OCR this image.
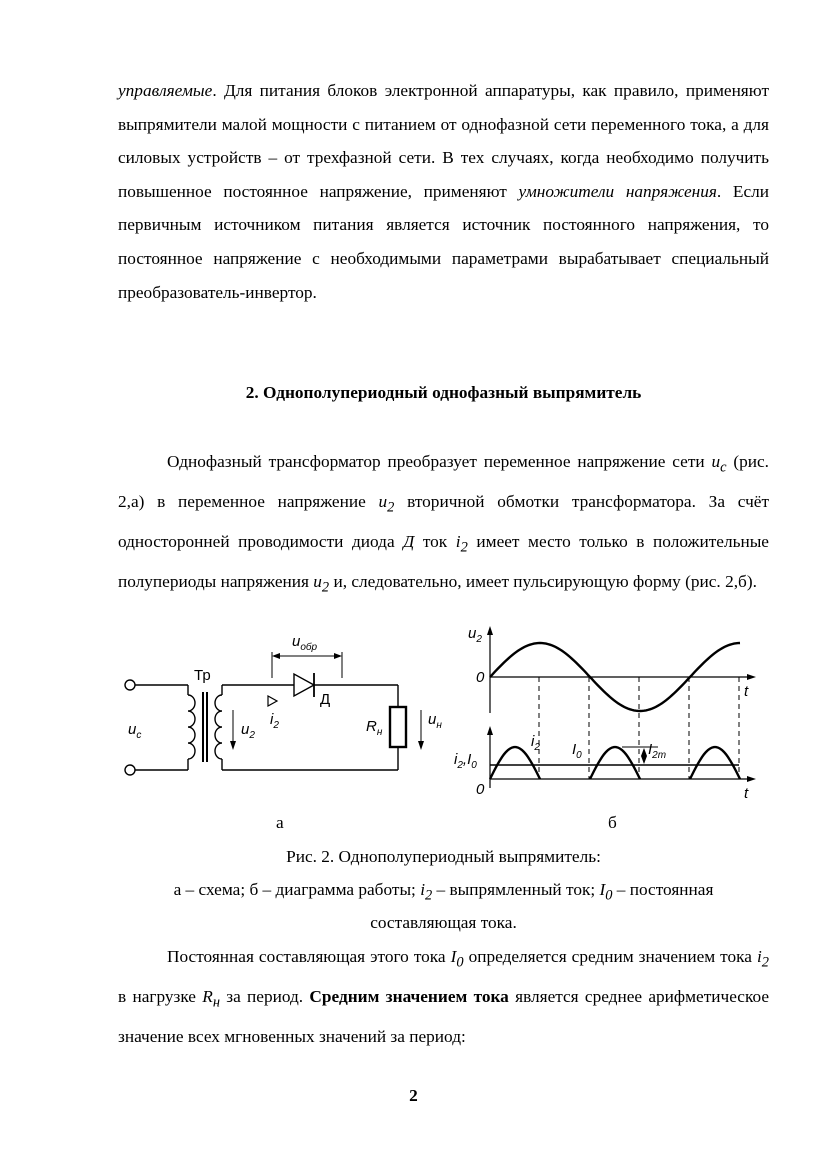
управляемые. Для питания блоков электронной аппаратуры, как правило, применяют выпрямители малой мощности с питанием от однофазной сети переменного тока, а для силовых устройств – от трехфазной сети. В тех случаях, когда необходимо получить повышенное постоянное напряжение, применяют умножители напряжения. Если первичным источником питания является источник постоянного напряжения, то постоянное напряжение с необходимыми параметрами вырабатывает специальный преобразователь-инвертор.

2. Однополупериодный однофазный выпрямитель

Однофазный трансформатор преобразует переменное напряжение сети $u_c$ (рис. 2,а) в переменное напряжение $u_2$ вторичной обмотки трансформатора. За счёт односторонней проводимости диода Д ток $i_2$ имеет место только в положительные полупериоды напряжения $u_2$ и, следовательно, имеет пульсирующую форму (рис. 2,б).

Тр
$u_{обр}$
Д
$u_c$	$u_2$
$i_2$	$R_н$
$u_н$
$u_2$
0
t
$i_2$
$i_2,I_0$
$I_0$	$I_{2m}$
0	t
а	б

Рис. 2. Однополупериодный выпрямитель:

а – схема; б – диаграмма работы; $i_2$ – выпрямленный ток; $I_0$ – постоянная

составляющая тока.

Постоянная составляющая этого тока $I_0$ определяется средним значением тока $i_2$ в нагрузке $R_н$ за период. Средним значением тока является среднее арифметическое значение всех мгновенных значений за период:

2
